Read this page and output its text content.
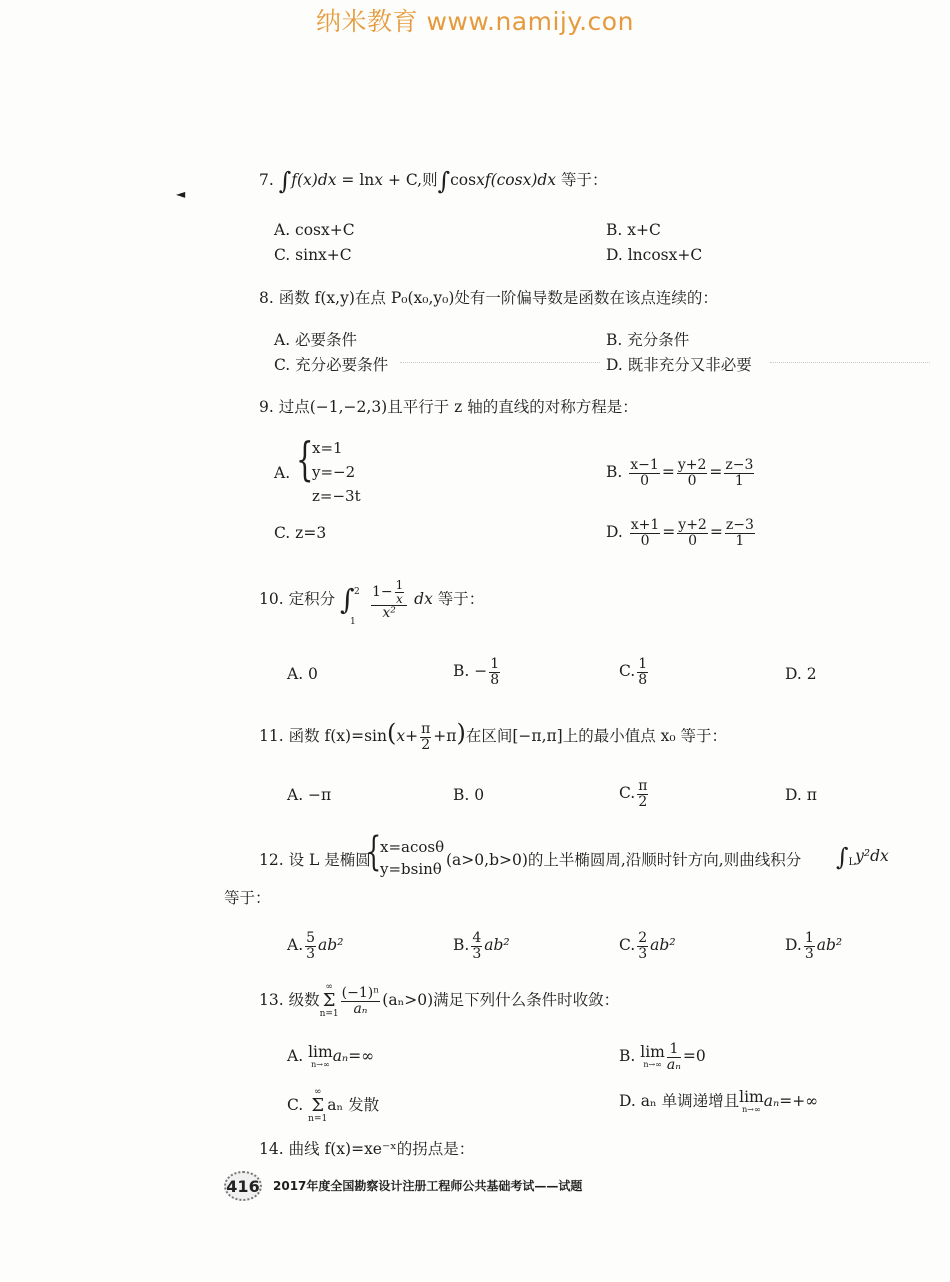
纳米教育 www.namijy.con
◄
7. ∫f(x)dx = lnx + C,则∫cosxf(cosx)dx 等于：
A. cosx+C	B. x+C
C. sinx+C	D. lncosx+C
8. 函数 f(x,y)在点 P₀(x₀,y₀)处有一阶偏导数是函数在该点连续的：
A. 必要条件	B. 充分条件
C. 充分必要条件	D. 既非充分又非必要
9. 过点(−1,−2,3)且平行于 z 轴的直线的对称方程是：
A. {
x=1
y=−2
z=−3t
B. $\frac{x-1}{0} = \frac{y+2}{0} = \frac{z-3}{1}$
C. z=3	D. $\frac{x+1}{0} = \frac{y+2}{0} = \frac{z-3}{1}$
10. 定积分 ∫ 2
1

$\frac{1- \frac{1}{x}}{\text{x²}}$ dx 等于：
A. 0	B. − $\frac{1}{8}$	C. $\frac{1}{8}$	D. 2
11. 函数 $f(x)=\sin(x+ \frac{\pi}{2} +\pi)$在区间[−π,π]上的最小值点 x₀ 等于：
A. −π	B. 0	C. $\frac{\pi}{2}$	D. π
12. 设 L 是椭圆
{
x=acosθ
y=bsinθ (a>0,b>0)的上半椭圆周,沿顺时针方向,则曲线积分 $\int_Ly^2dx$
等于：
A. $\frac{5}{3} ab^2$	B. $\frac{4}{3} ab^2$	C. $\frac{2}{3} ab^2$	D. $\frac{1}{3} ab^2$
13. 级数∞
Σ
$n=1 \frac{\text{(−1)ⁿ}}{\text{aₙ}} (a_n>0)$满足下列什么条件时收敛：
A. lim
n→∞ aₙ=∞	B. lim
$n\to\infty \frac{1}{\text{aₙ}} =0$
C. ∞
Σ
n=1aₙ 发散	D. aₙ 单调递增且lim
n→∞ aₙ=+∞
14. 曲线 f(x)=xe⁻ˣ的拐点是：
416 2017年度全国勘察设计注册工程师公共基础考试——试题
